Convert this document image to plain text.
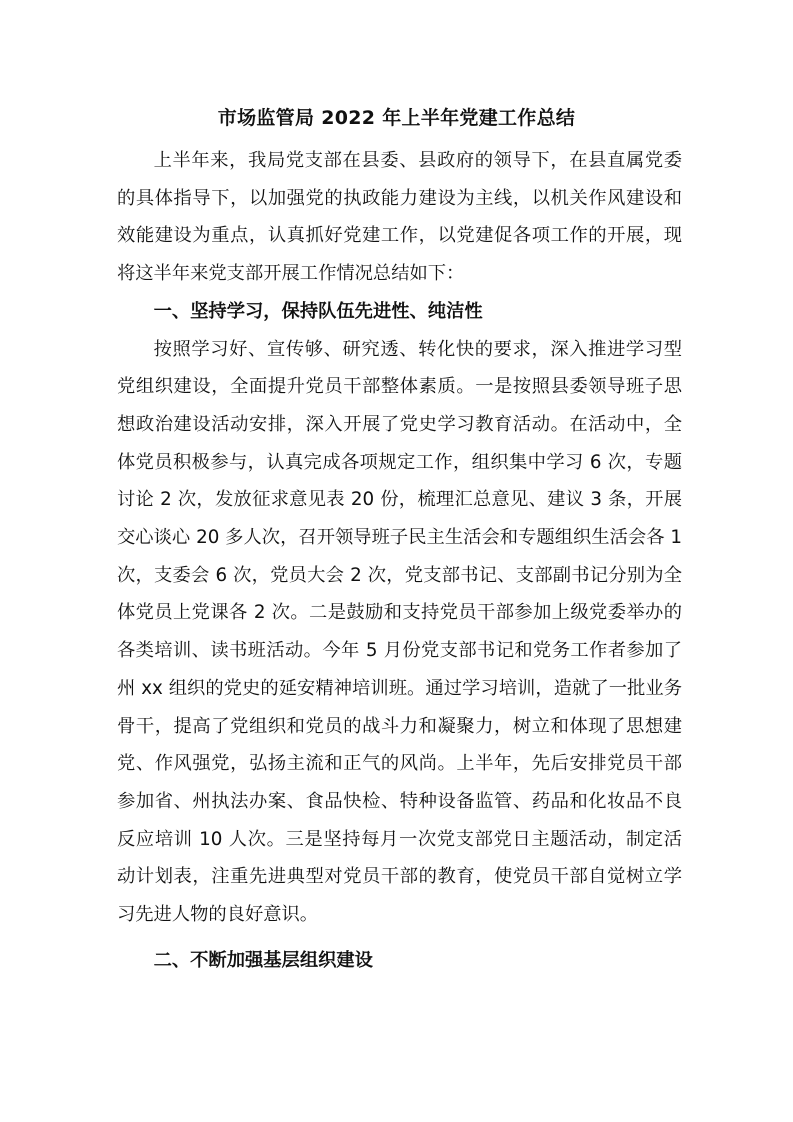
市场监管局 2022 年上半年党建工作总结

上半年来，我局党支部在县委、县政府的领导下，在县直属党委的具体指导下，以加强党的执政能力建设为主线，以机关作风建设和效能建设为重点，认真抓好党建工作，以党建促各项工作的开展，现将这半年来党支部开展工作情况总结如下：

一、坚持学习，保持队伍先进性、纯洁性

按照学习好、宣传够、研究透、转化快的要求，深入推进学习型党组织建设，全面提升党员干部整体素质。一是按照县委领导班子思想政治建设活动安排，深入开展了党史学习教育活动。在活动中，全体党员积极参与，认真完成各项规定工作，组织集中学习 6 次，专题讨论 2 次，发放征求意见表 20 份，梳理汇总意见、建议 3 条，开展交心谈心 20 多人次，召开领导班子民主生活会和专题组织生活会各 1 次，支委会 6 次，党员大会 2 次，党支部书记、支部副书记分别为全体党员上党课各 2 次。二是鼓励和支持党员干部参加上级党委举办的各类培训、读书班活动。今年 5 月份党支部书记和党务工作者参加了州 xx 组织的党史的延安精神培训班。通过学习培训，造就了一批业务骨干，提高了党组织和党员的战斗力和凝聚力，树立和体现了思想建党、作风强党，弘扬主流和正气的风尚。上半年，先后安排党员干部参加省、州执法办案、食品快检、特种设备监管、药品和化妆品不良反应培训 10 人次。三是坚持每月一次党支部党日主题活动，制定活动计划表，注重先进典型对党员干部的教育，使党员干部自觉树立学习先进人物的良好意识。

二、不断加强基层组织建设
